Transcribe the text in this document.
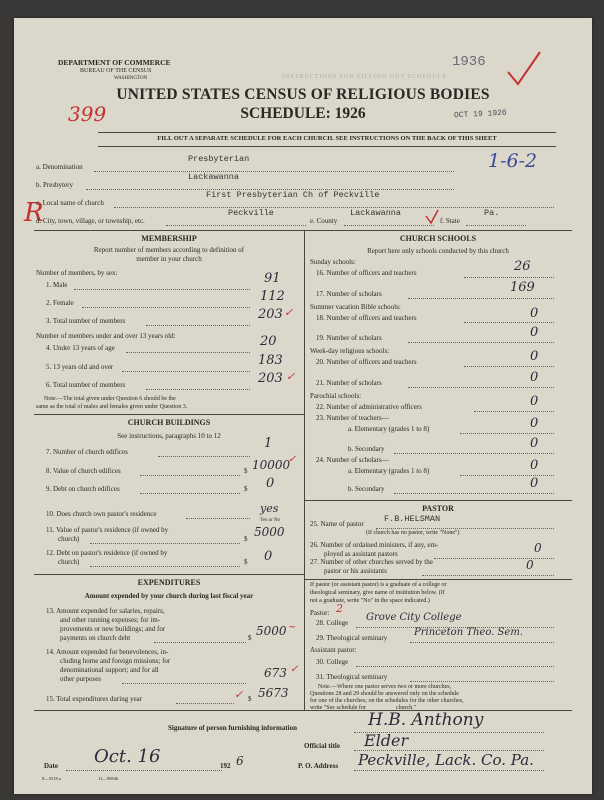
INSTRUCTIONS FOR FILLING OUT SCHEDULE
DEPARTMENT OF COMMERCE
BUREAU OF THE CENSUS
WASHINGTON
1936
UNITED STATES CENSUS OF RELIGIOUS BODIES
SCHEDULE: 1926
399	OCT 19 1926
FILL OUT A SEPARATE SCHEDULE FOR EACH CHURCH. SEE INSTRUCTIONS ON THE BACK OF THIS SHEET
a. Denomination
Presbyterian	1-6-2
b. Presbytery
Lackawanna
R
c. Local name of church
First Presbyterian Ch of Peckville
d. City, town, village, or township, etc.
Peckville
e. County
Lackawanna
f. State
Pa.
MEMBERSHIP
Report number of members according to definition of
member in your church
Number of members, by sex:
1. Male	91
2. Female	112
3. Total number of members	203 ✓
Number of members under and over 13 years old:
4. Under 13 years of age	20
5. 13 years old and over	183
6. Total number of members	203 ✓
Note.—The total given under Question 6 should be the
same as the total of males and females given under Question 3.
CHURCH BUILDINGS
See instructions, paragraphs 10 to 12
7. Number of church edifices
1
8. Value of church edifices	$ 10000
✓
9. Debt on church edifices	$ 0
10. Does church own pastor's residence	yes
Yes or No
11. Value of pastor's residence (if owned by
church)	$ 5000
12. Debt on pastor's residence (if owned by
church)	$ 0
EXPENDITURES
Amount expended by your church during last fiscal year
13. Amount expended for salaries, repairs,
and other running expenses; for im-
provements or new buildings; and for
payments on church debt	$ 5000 ~
14. Amount expended for benevolences, in-
cluding home and foreign missions; for
denominational support; and for all
other purposes	673 ✓
15. Total expenditures during year	✓ $ 5673
CHURCH SCHOOLS
Report here only schools conducted by this church
Sunday schools:
16. Number of officers and teachers	26
17. Number of scholars	169
Summer vacation Bible schools:
18. Number of officers and teachers	0
19. Number of scholars	0
Week-day religious schools:
20. Number of officers and teachers	0
21. Number of scholars	0
Parochial schools:
22. Number of administrative officers	0
23. Number of teachers—
a. Elementary (grades 1 to 8)	0
b. Secondary	0
24. Number of scholars—
a. Elementary (grades 1 to 8)	0
b. Secondary	0
PASTOR
25. Name of pastor F.B.HELSMAN
(If church has no pastor, write "None")
26. Number of ordained ministers, if any, em-
ployed as assistant pastors	0
27. Number of other churches served by the
pastor or his assistants	0
If pastor (or assistant pastor) is a graduate of a college or
theological seminary, give name of institution below. (If
not a graduate, write "No" in the space indicated.)
Pastor: 2
28. College Grove City College
29. Theological seminary	Princeton Theo. Sem.
Assistant pastor:
30. College
31. Theological seminary
Note.—Where one pastor serves two or more churches,
Questions 28 and 29 should be answered only on the schedule
for one of the churches; on the schedules for the other churches,
write "See schedule for                    church."
Signature of person furnishing information	H.B. Anthony
Official title Elder
Date Oct. 16	192 6	P. O. Address Peckville, Lack. Co. Pa.
8—5518 a	11—90846
